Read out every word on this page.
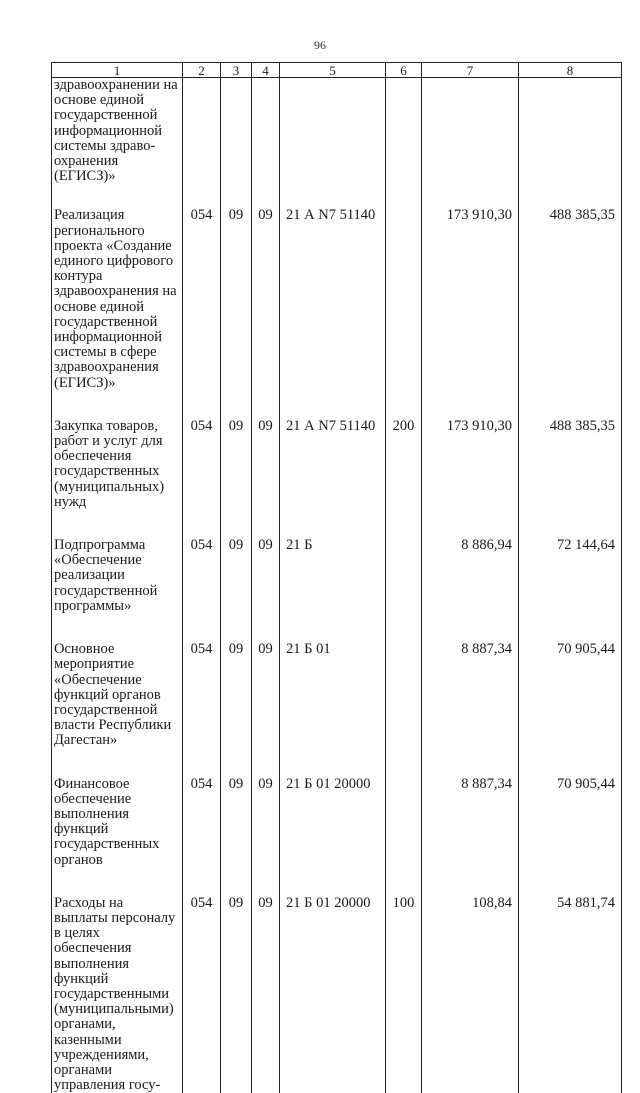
96
1	2	3	4	5	6	7	8
здравоохранении на основе единой государственной информационной системы здраво-охранения (ЕГИСЗ)»							
Реализация регионального проекта «Создание единого цифрового контура здравоохранения на основе единой государственной информационной системы в сфере здравоохранения (ЕГИСЗ)»	054	09	09	21 А N7 51140		173 910,30	488 385,35
Закупка товаров, работ и услуг для обеспечения государственных (муниципальных) нужд	054	09	09	21 А N7 51140	200	173 910,30	488 385,35
Подпрограмма «Обеспечение реализации государственной программы»	054	09	09	21 Б		8 886,94	72 144,64
Основное мероприятие «Обеспечение функций органов государственной власти Республики Дагестан»	054	09	09	21 Б 01		8 887,34	70 905,44
Финансовое обеспечение выполнения функций государственных органов	054	09	09	21 Б 01 20000		8 887,34	70 905,44
Расходы на выплаты персоналу в целях обеспечения выполнения функций государственными (муниципальными) органами, казенными учреждениями, органами управления госу-	054	09	09	21 Б 01 20000	100	108,84	54 881,74
